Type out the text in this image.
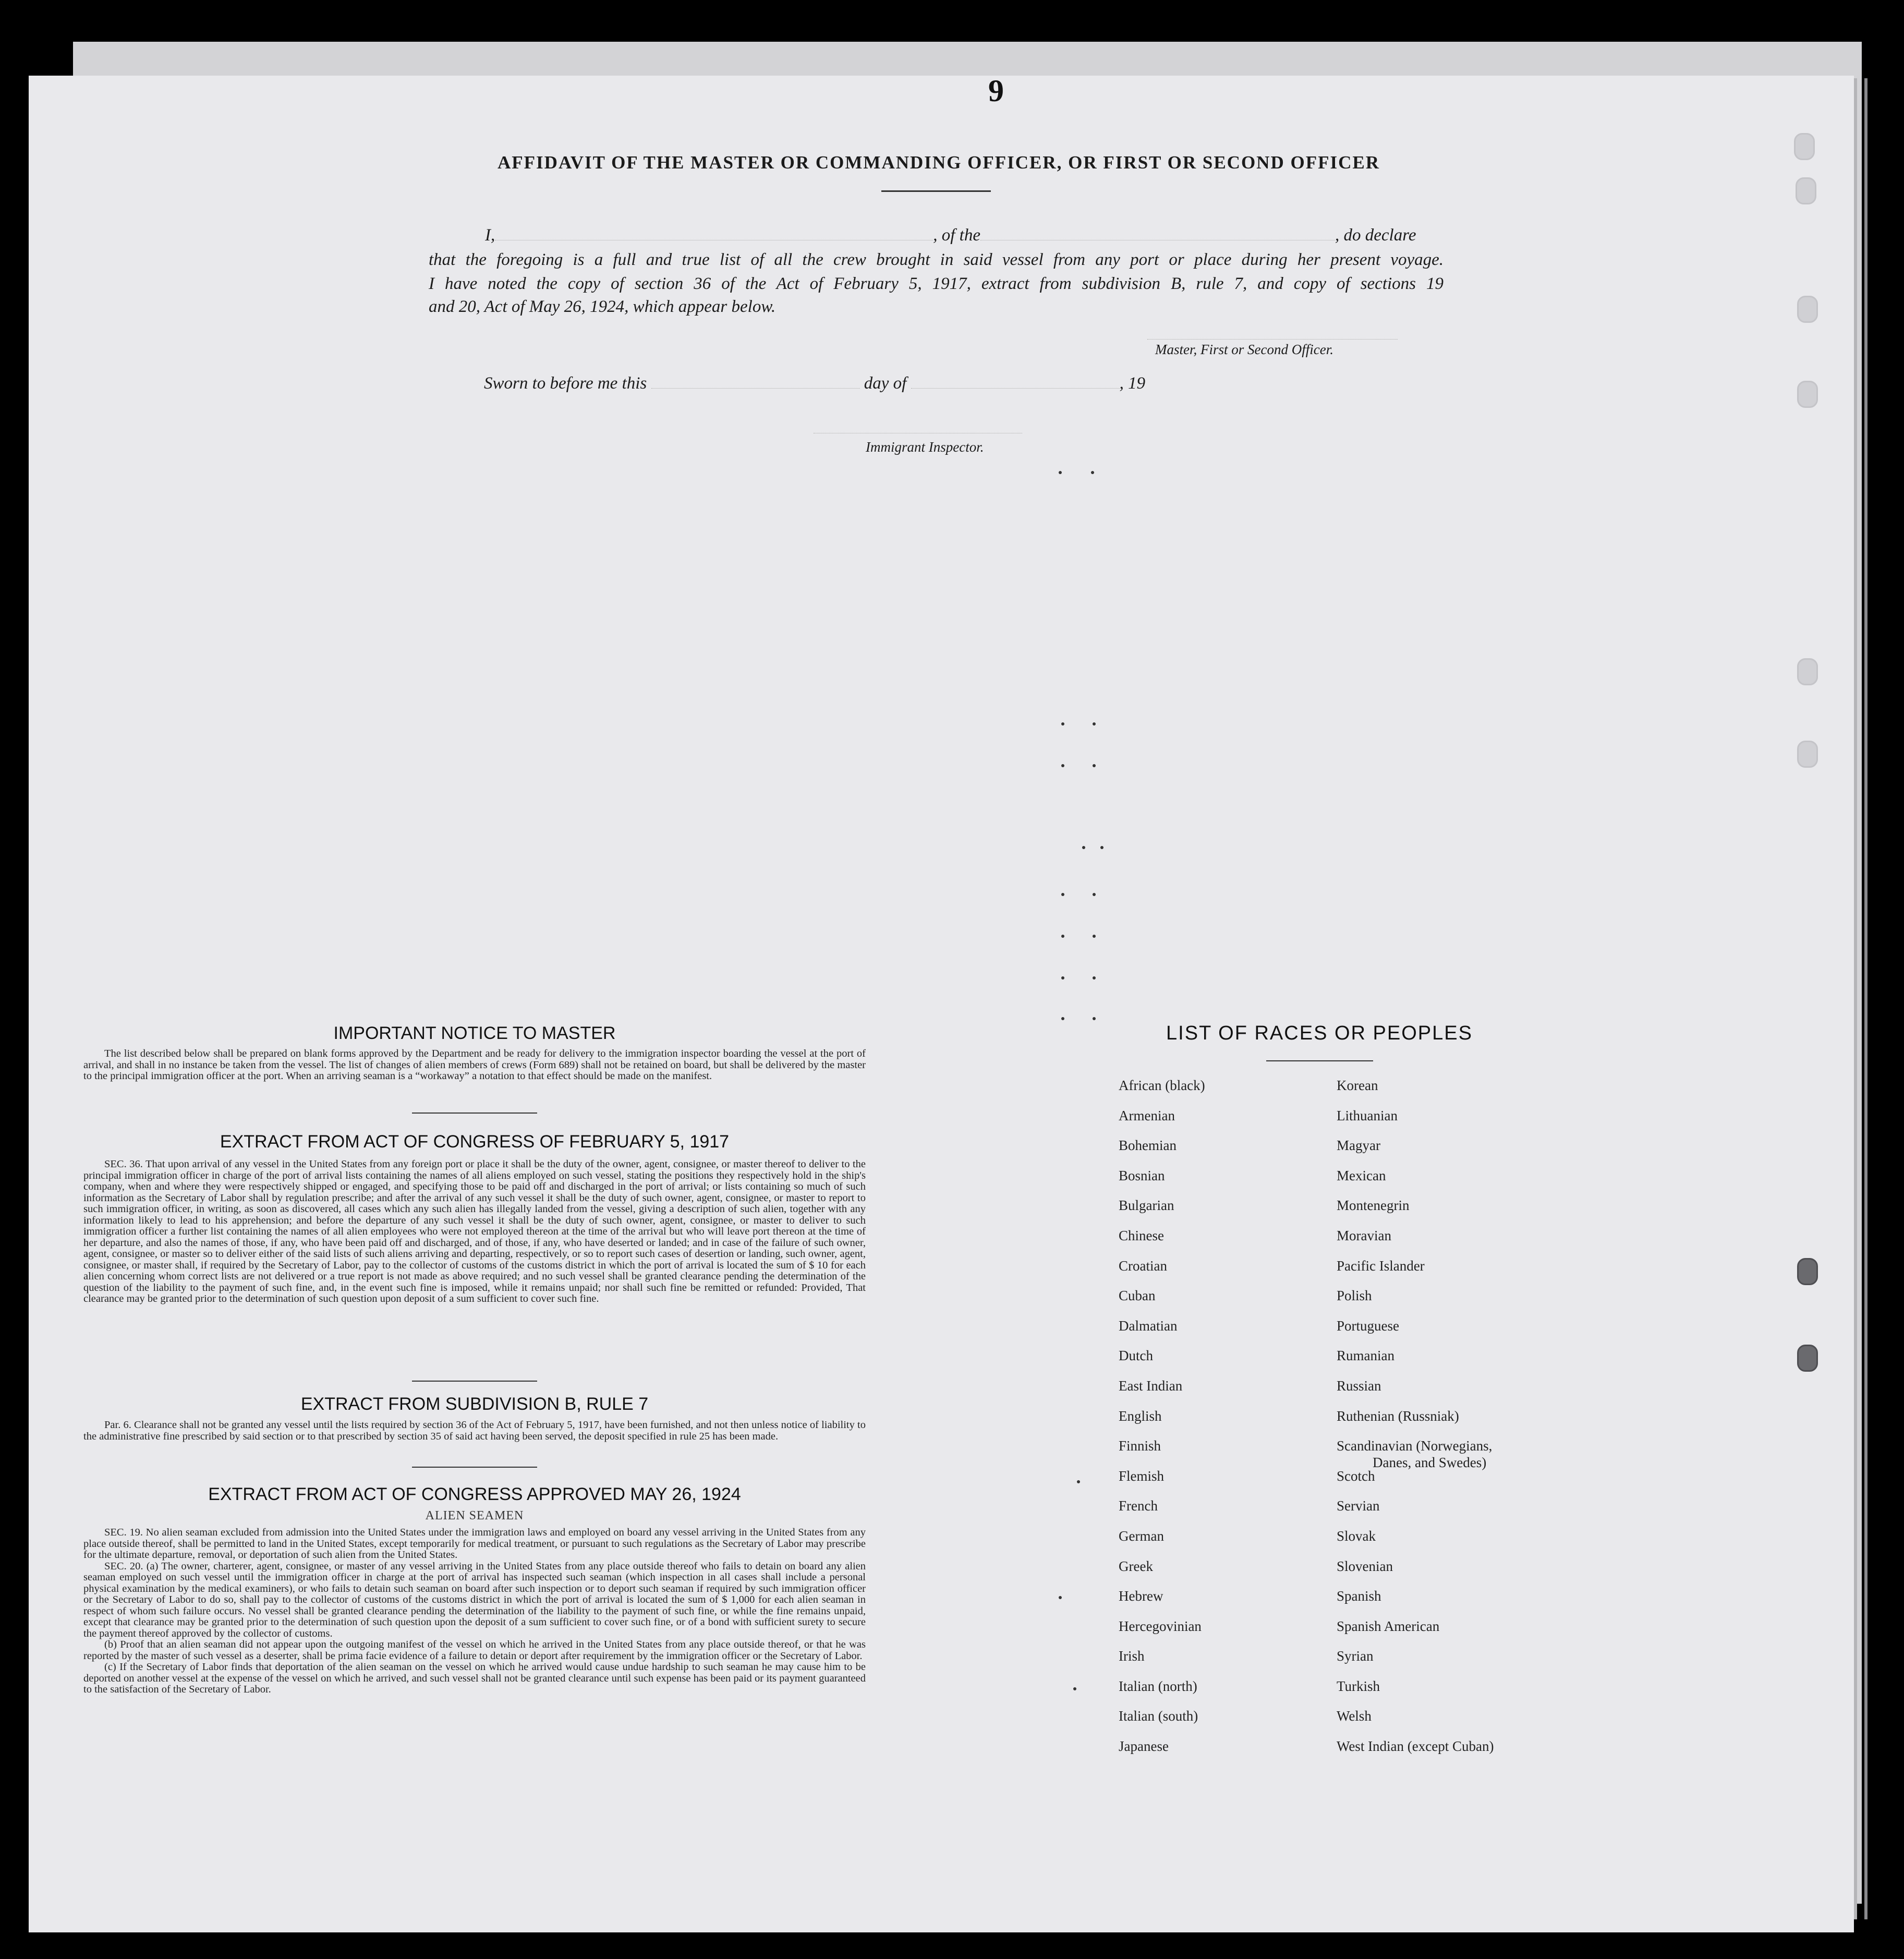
9
AFFIDAVIT OF THE MASTER OR COMMANDING OFFICER, OR FIRST OR SECOND OFFICER
I,	, of the	, do declare
that the foregoing is a full and true list of all the crew brought in said vessel from any port or place during her present voyage.
I have noted the copy of section 36 of the Act of February 5, 1917, extract from subdivision B, rule 7, and copy of sections 19
and 20, Act of May 26, 1924, which appear below.
Master, First or Second Officer.
Sworn to before me this	day of	, 19
Immigrant Inspector.
IMPORTANT NOTICE TO MASTER

The list described below shall be prepared on blank forms approved by the Department and be ready for delivery to the immigration inspector boarding the vessel at the port of arrival, and shall in no instance be taken from the vessel. The list of changes of alien members of crews (Form 689) shall not be retained on board, but shall be delivered by the master to the principal immigration officer at the port. When an arriving seaman is a “workaway” a notation to that effect should be made on the manifest.

EXTRACT FROM ACT OF CONGRESS OF FEBRUARY 5, 1917

SEC. 36. That upon arrival of any vessel in the United States from any foreign port or place it shall be the duty of the owner, agent, consignee, or master thereof to deliver to the principal immigration officer in charge of the port of arrival lists containing the names of all aliens employed on such vessel, stating the positions they respectively hold in the ship's company, when and where they were respectively shipped or engaged, and specifying those to be paid off and discharged in the port of arrival; or lists containing so much of such information as the Secretary of Labor shall by regulation prescribe; and after the arrival of any such vessel it shall be the duty of such owner, agent, consignee, or master to report to such immigration officer, in writing, as soon as discovered, all cases which any such alien has illegally landed from the vessel, giving a description of such alien, together with any information likely to lead to his apprehension; and before the departure of any such vessel it shall be the duty of such owner, agent, consignee, or master to deliver to such immigration officer a further list containing the names of all alien employees who were not employed thereon at the time of the arrival but who will leave port thereon at the time of her departure, and also the names of those, if any, who have been paid off and discharged, and of those, if any, who have deserted or landed; and in case of the failure of such owner, agent, consignee, or master so to deliver either of the said lists of such aliens arriving and departing, respectively, or so to report such cases of desertion or landing, such owner, agent, consignee, or master shall, if required by the Secretary of Labor, pay to the collector of customs of the customs district in which the port of arrival is located the sum of $ 10 for each alien concerning whom correct lists are not delivered or a true report is not made as above required; and no such vessel shall be granted clearance pending the determination of the question of the liability to the payment of such fine, and, in the event such fine is imposed, while it remains unpaid; nor shall such fine be remitted or refunded: Provided, That clearance may be granted prior to the determination of such question upon deposit of a sum sufficient to cover such fine.

EXTRACT FROM SUBDIVISION B, RULE 7

Par. 6. Clearance shall not be granted any vessel until the lists required by section 36 of the Act of February 5, 1917, have been furnished, and not then unless notice of liability to the administrative fine prescribed by said section or to that prescribed by section 35 of said act having been served, the deposit specified in rule 25 has been made.

EXTRACT FROM ACT OF CONGRESS APPROVED MAY 26, 1924
ALIEN SEAMEN

SEC. 19. No alien seaman excluded from admission into the United States under the immigration laws and employed on board any vessel arriving in the United States from any place outside thereof, shall be permitted to land in the United States, except temporarily for medical treatment, or pursuant to such regulations as the Secretary of Labor may prescribe for the ultimate departure, removal, or deportation of such alien from the United States.

SEC. 20. (a) The owner, charterer, agent, consignee, or master of any vessel arriving in the United States from any place outside thereof who fails to detain on board any alien seaman employed on such vessel until the immigration officer in charge at the port of arrival has inspected such seaman (which inspection in all cases shall include a personal physical examination by the medical examiners), or who fails to detain such seaman on board after such inspection or to deport such seaman if required by such immigration officer or the Secretary of Labor to do so, shall pay to the collector of customs of the customs district in which the port of arrival is located the sum of $ 1,000 for each alien seaman in respect of whom such failure occurs. No vessel shall be granted clearance pending the determination of the liability to the payment of such fine, or while the fine remains unpaid, except that clearance may be granted prior to the determination of such question upon the deposit of a sum sufficient to cover such fine, or of a bond with sufficient surety to secure the payment thereof approved by the collector of customs.

(b) Proof that an alien seaman did not appear upon the outgoing manifest of the vessel on which he arrived in the United States from any place outside thereof, or that he was reported by the master of such vessel as a deserter, shall be prima facie evidence of a failure to detain or deport after requirement by the immigration officer or the Secretary of Labor.

(c) If the Secretary of Labor finds that deportation of the alien seaman on the vessel on which he arrived would cause undue hardship to such seaman he may cause him to be deported on another vessel at the expense of the vessel on which he arrived, and such vessel shall not be granted clearance until such expense has been paid or its payment guaranteed to the satisfaction of the Secretary of Labor.

LIST OF RACES OR PEOPLES
African (black)
Armenian
Bohemian
Bosnian
Bulgarian
Chinese
Croatian
Cuban
Dalmatian
Dutch
East Indian
English
Finnish
Flemish
French
German
Greek
Hebrew
Hercegovinian
Irish
Italian (north)
Italian (south)
Japanese
Korean
Lithuanian
Magyar
Mexican
Montenegrin
Moravian
Pacific Islander
Polish
Portuguese
Rumanian
Russian
Ruthenian (Russniak)
Scandinavian (Norwegians,
Scotch
Servian
Slovak
Slovenian
Spanish
Spanish American
Syrian
Turkish
Welsh
West Indian (except Cuban)
Danes, and Swedes)
